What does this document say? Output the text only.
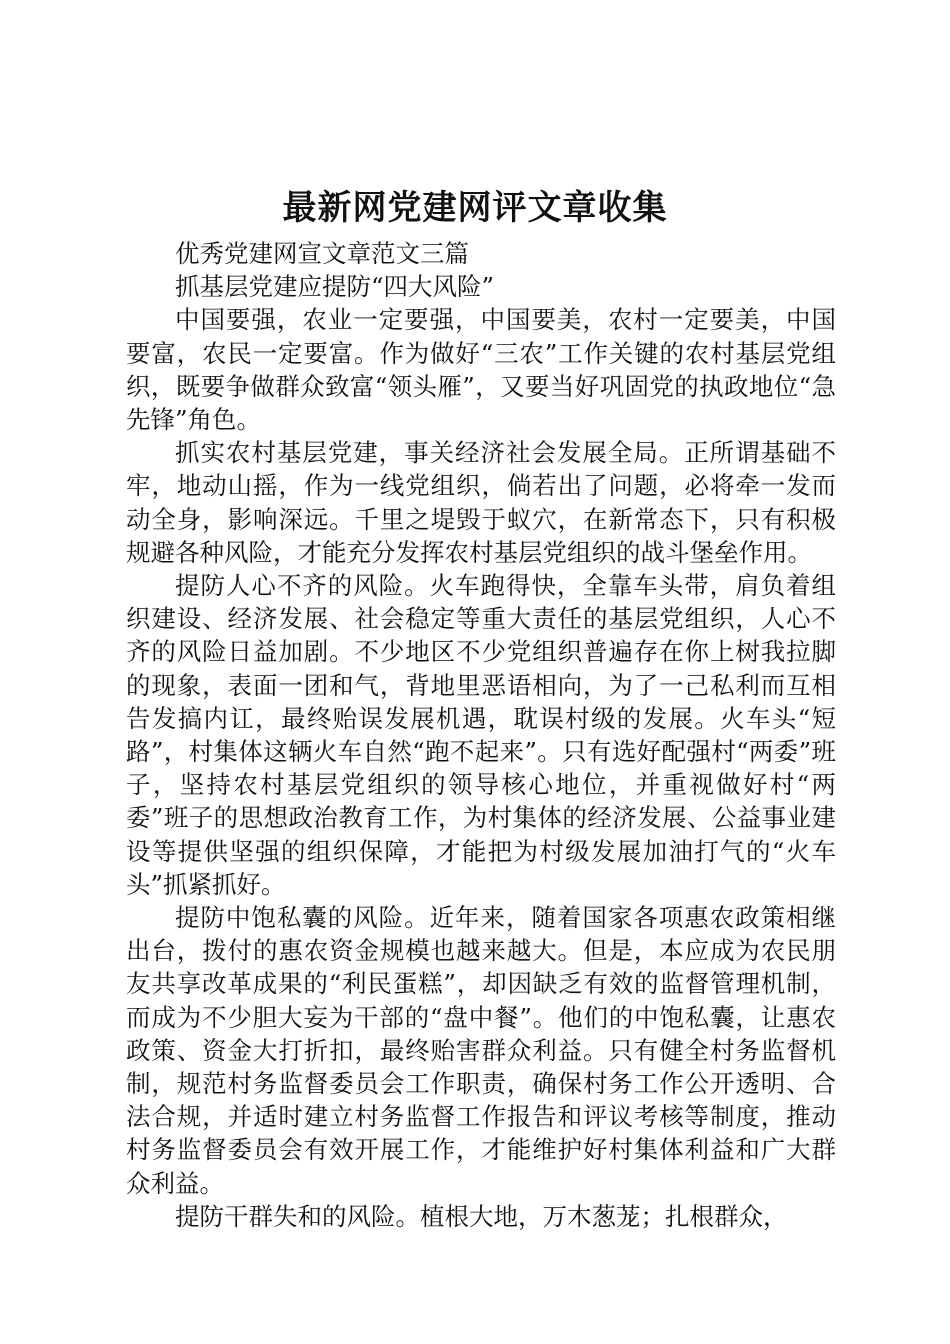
最新网党建网评文章收集

优秀党建网宣文章范文三篇

抓基层党建应提防“四大风险”

中国要强，农业一定要强，中国要美，农村一定要美，中国要富，农民一定要富。作为做好“三农”工作关键的农村基层党组织，既要争做群众致富“领头雁”，又要当好巩固党的执政地位“急先锋”角色。

抓实农村基层党建，事关经济社会发展全局。正所谓基础不牢，地动山摇，作为一线党组织，倘若出了问题，必将牵一发而动全身，影响深远。千里之堤毁于蚁穴，在新常态下，只有积极规避各种风险，才能充分发挥农村基层党组织的战斗堡垒作用。

提防人心不齐的风险。火车跑得快，全靠车头带，肩负着组织建设、经济发展、社会稳定等重大责任的基层党组织，人心不齐的风险日益加剧。不少地区不少党组织普遍存在你上树我拉脚的现象，表面一团和气，背地里恶语相向，为了一己私利而互相告发搞内讧，最终贻误发展机遇，耽误村级的发展。火车头“短路”，村集体这辆火车自然“跑不起来”。只有选好配强村“两委”班子，坚持农村基层党组织的领导核心地位，并重视做好村“两委”班子的思想政治教育工作，为村集体的经济发展、公益事业建设等提供坚强的组织保障，才能把为村级发展加油打气的“火车头”抓紧抓好。

提防中饱私囊的风险。近年来，随着国家各项惠农政策相继出台，拨付的惠农资金规模也越来越大。但是，本应成为农民朋友共享改革成果的“利民蛋糕”，却因缺乏有效的监督管理机制，而成为不少胆大妄为干部的“盘中餐”。他们的中饱私囊，让惠农政策、资金大打折扣，最终贻害群众利益。只有健全村务监督机制，规范村务监督委员会工作职责，确保村务工作公开透明、合法合规，并适时建立村务监督工作报告和评议考核等制度，推动村务监督委员会有效开展工作，才能维护好村集体利益和广大群众利益。

提防干群失和的风险。植根大地，万木葱茏；扎根群众，
